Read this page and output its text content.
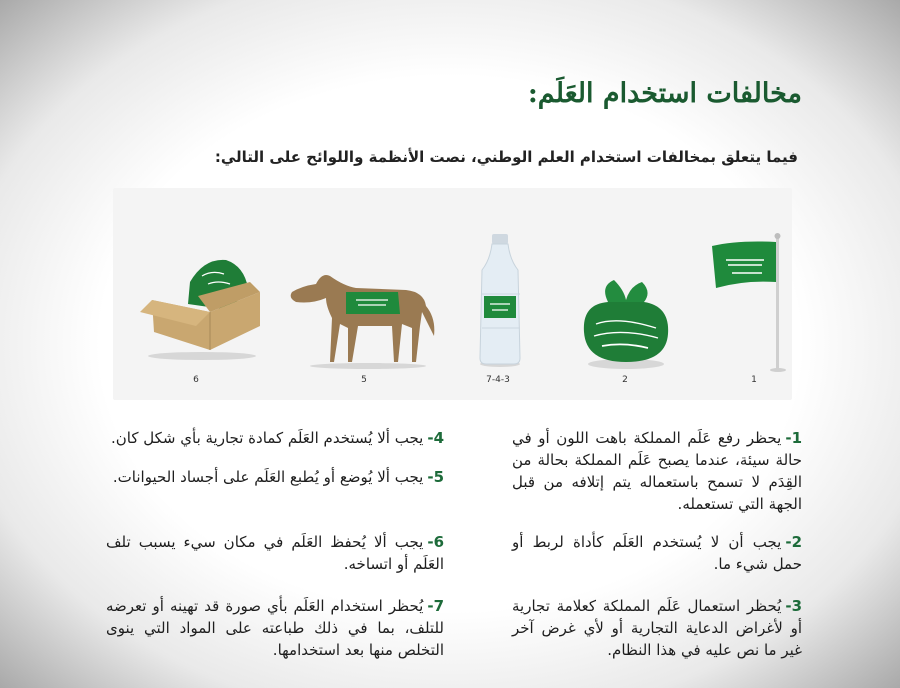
مخالفات استخدام العَلَم:

فيما يتعلق بمخالفات استخدام العلم الوطني، نصت الأنظمة واللوائح على التالي:

1
2
7-4-3
5
6

1-يحظر رفع عَلَم المملكة باهت اللون أو في حالة سيئة، عندما يصبح عَلَم المملكة بحالة من القِدَم لا تسمح باستعماله يتم إتلافه من قبل الجهة التي تستعمله.

2-يجب أن لا يُستخدم العَلَم كأداة لربط أو حمل شيء ما.

3-يُحظر استعمال عَلَم المملكة كعلامة تجارية أو لأغراض الدعاية التجارية أو لأي غرض آخر غير ما نص عليه في هذا النظام.

4-يجب ألا يُستخدم العَلَم كمادة تجارية بأي شكل كان.

5-يجب ألا يُوضع أو يُطبع العَلَم على أجساد الحيوانات.

6-يجب ألا يُحفظ العَلَم في مكان سيء يسبب تلف العَلَم أو اتساخه.

7-يُحظر استخدام العَلَم بأي صورة قد تهينه أو تعرضه للتلف، بما في ذلك طباعته على المواد التي ينوى التخلص منها بعد استخدامها.
